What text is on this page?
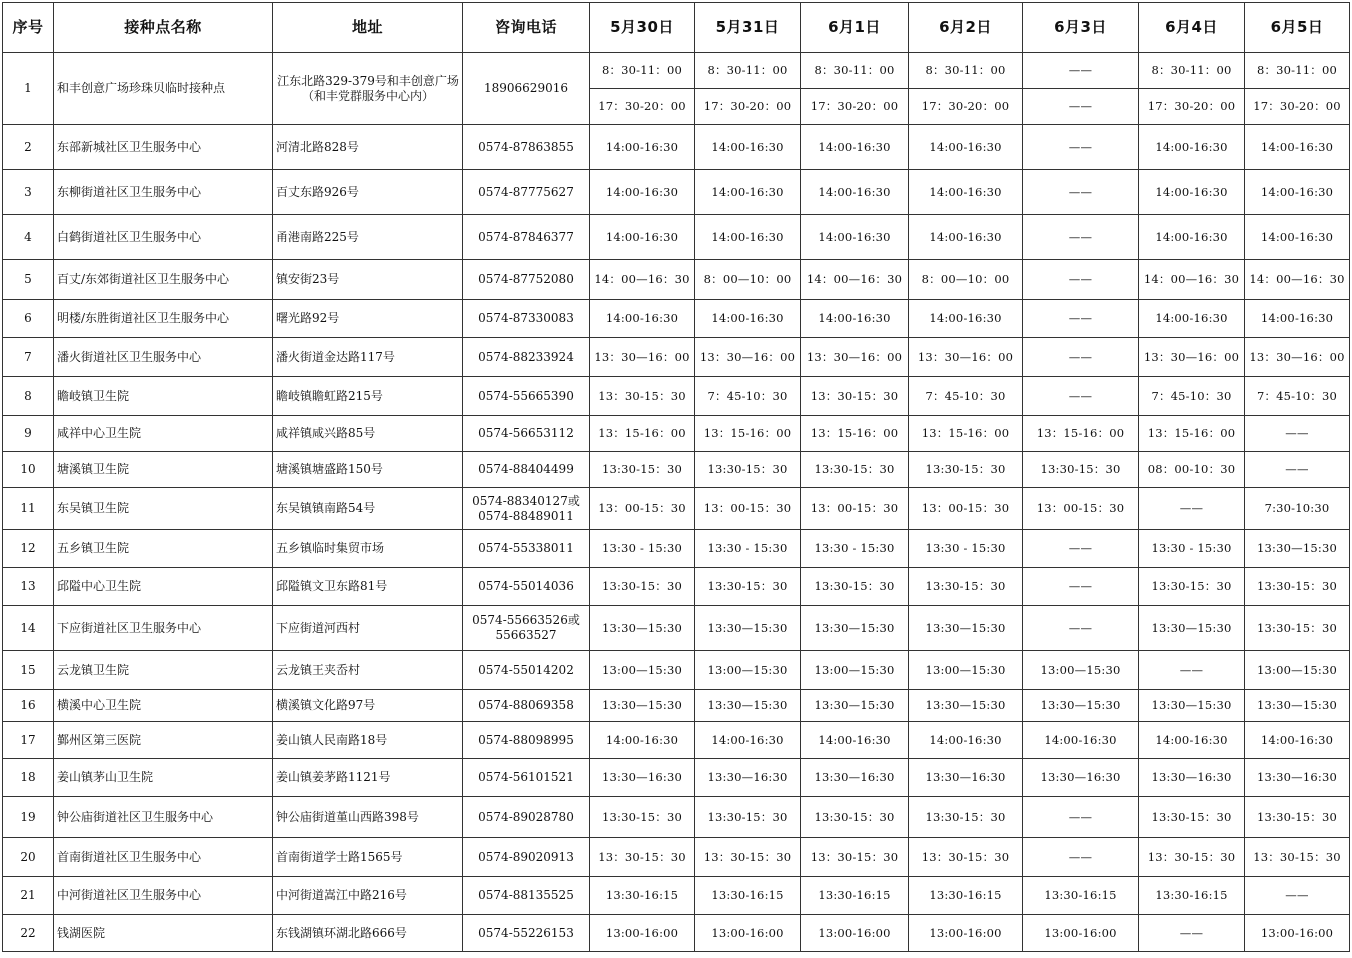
序号	接种点名称	地址	咨询电话	5月30日	5月31日	6月1日	6月2日	6月3日	6月4日	6月5日
1	和丰创意广场珍珠贝临时接种点	江东北路329-379号和丰创意广场（和丰党群服务中心内）	18906629016	8：30-11：00	8：30-11：00	8：30-11：00	8：30-11：00	——	8：30-11：00	8：30-11：00
				17：30-20：00	17：30-20：00	17：30-20：00	17：30-20：00	——	17：30-20：00	17：30-20：00
2	东部新城社区卫生服务中心	河清北路828号	0574-87863855	14:00-16:30	14:00-16:30	14:00-16:30	14:00-16:30	——	14:00-16:30	14:00-16:30
3	东柳街道社区卫生服务中心	百丈东路926号	0574-87775627	14:00-16:30	14:00-16:30	14:00-16:30	14:00-16:30	——	14:00-16:30	14:00-16:30
4	白鹤街道社区卫生服务中心	甬港南路225号	0574-87846377	14:00-16:30	14:00-16:30	14:00-16:30	14:00-16:30	——	14:00-16:30	14:00-16:30
5	百丈/东郊街道社区卫生服务中心	镇安街23号	0574-87752080	14：00—16：30	8：00—10：00	14：00—16：30	8：00—10：00	——	14：00—16：30	14：00—16：30
6	明楼/东胜街道社区卫生服务中心	曙光路92号	0574-87330083	14:00-16:30	14:00-16:30	14:00-16:30	14:00-16:30	——	14:00-16:30	14:00-16:30
7	潘火街道社区卫生服务中心	潘火街道金达路117号	0574-88233924	13：30—16：00	13：30—16：00	13：30—16：00	13：30—16：00	——	13：30—16：00	13：30—16：00
8	瞻岐镇卫生院	瞻岐镇瞻虹路215号	0574-55665390	13：30-15：30	7：45-10：30	13：30-15：30	7：45-10：30	——	7：45-10：30	7：45-10：30
9	咸祥中心卫生院	咸祥镇咸兴路85号	0574-56653112	13：15-16：00	13：15-16：00	13：15-16：00	13：15-16：00	13：15-16：00	13：15-16：00	——
10	塘溪镇卫生院	塘溪镇塘盛路150号	0574-88404499	13:30-15：30	13:30-15：30	13:30-15：30	13:30-15：30	13:30-15：30	08：00-10：30	——
11	东吴镇卫生院	东吴镇镇南路54号	0574-88340127或0574-88489011	13：00-15：30	13：00-15：30	13：00-15：30	13：00-15：30	13：00-15：30	——	7:30-10:30
12	五乡镇卫生院	五乡镇临时集贸市场	0574-55338011	13:30 - 15:30	13:30 - 15:30	13:30 - 15:30	13:30 - 15:30	——	13:30 - 15:30	13:30—15:30
13	邱隘中心卫生院	邱隘镇文卫东路81号	0574-55014036	13:30-15：30	13:30-15：30	13:30-15：30	13:30-15：30	——	13:30-15：30	13:30-15：30
14	下应街道社区卫生服务中心	下应街道河西村	0574-55663526或55663527	13:30—15:30	13:30—15:30	13:30—15:30	13:30—15:30	——	13:30—15:30	13:30-15：30
15	云龙镇卫生院	云龙镇王夹岙村	0574-55014202	13:00—15:30	13:00—15:30	13:00—15:30	13:00—15:30	13:00—15:30	——	13:00—15:30
16	横溪中心卫生院	横溪镇文化路97号	0574-88069358	13:30—15:30	13:30—15:30	13:30—15:30	13:30—15:30	13:30—15:30	13:30—15:30	13:30—15:30
17	鄞州区第三医院	姜山镇人民南路18号	0574-88098995	14:00-16:30	14:00-16:30	14:00-16:30	14:00-16:30	14:00-16:30	14:00-16:30	14:00-16:30
18	姜山镇茅山卫生院	姜山镇姜茅路1121号	0574-56101521	13:30—16:30	13:30—16:30	13:30—16:30	13:30—16:30	13:30—16:30	13:30—16:30	13:30—16:30
19	钟公庙街道社区卫生服务中心	钟公庙街道堇山西路398号	0574-89028780	13:30-15：30	13:30-15：30	13:30-15：30	13:30-15：30	——	13:30-15：30	13:30-15：30
20	首南街道社区卫生服务中心	首南街道学士路1565号	0574-89020913	13：30-15：30	13：30-15：30	13：30-15：30	13：30-15：30	——	13：30-15：30	13：30-15：30
21	中河街道社区卫生服务中心	中河街道嵩江中路216号	0574-88135525	13:30-16:15	13:30-16:15	13:30-16:15	13:30-16:15	13:30-16:15	13:30-16:15	——
22	钱湖医院	东钱湖镇环湖北路666号	0574-55226153	13:00-16:00	13:00-16:00	13:00-16:00	13:00-16:00	13:00-16:00	——	13:00-16:00
